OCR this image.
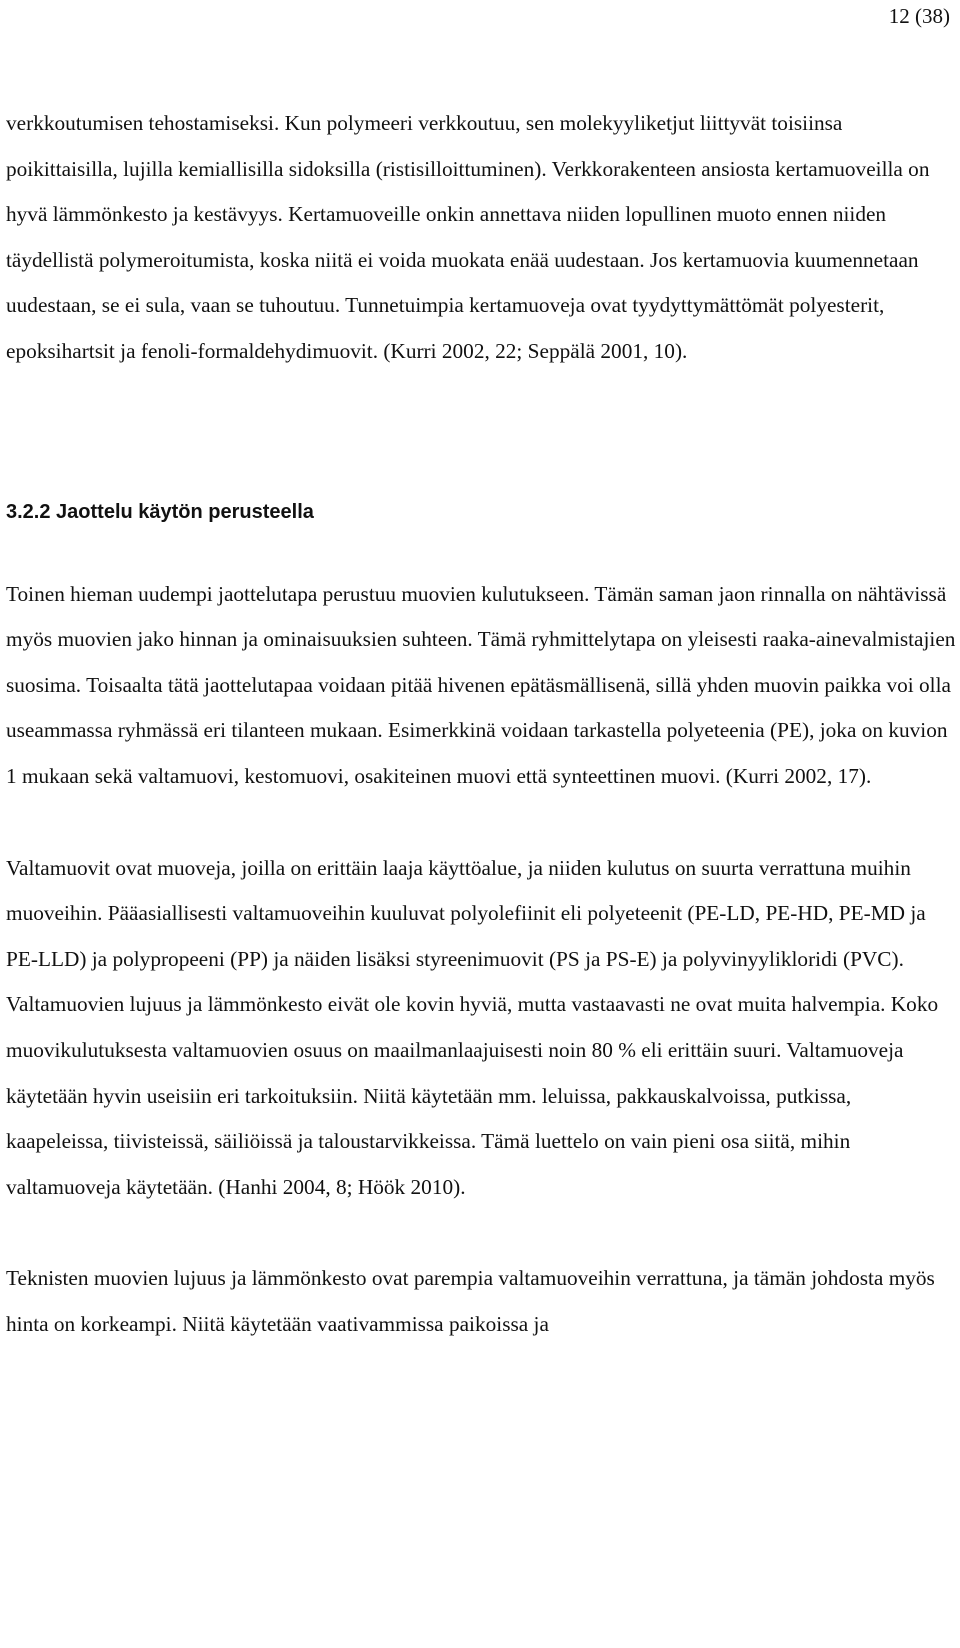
12 (38)

verkkoutumisen tehostamiseksi. Kun polymeeri verkkoutuu, sen molekyyliketjut liittyvät toisiinsa poikittaisilla, lujilla kemiallisilla sidoksilla (ristisilloittuminen). Verkkorakenteen ansiosta kertamuoveilla on hyvä lämmönkesto ja kestävyys. Kertamuoveille onkin annettava niiden lopullinen muoto ennen niiden täydellistä polymeroitumista, koska niitä ei voida muokata enää uudestaan. Jos kertamuovia kuumennetaan uudestaan, se ei sula, vaan se tuhoutuu. Tunnetuimpia kertamuoveja ovat tyydyttymättömät polyesterit, epoksihartsit ja fenoli-formaldehydimuovit. (Kurri 2002, 22; Seppälä 2001, 10).

3.2.2 Jaottelu käytön perusteella

Toinen hieman uudempi jaottelutapa perustuu muovien kulutukseen. Tämän saman jaon rinnalla on nähtävissä myös muovien jako hinnan ja ominaisuuksien suhteen. Tämä ryhmittelytapa on yleisesti raaka-ainevalmistajien suosima. Toisaalta tätä jaottelutapaa voidaan pitää hivenen epätäsmällisenä, sillä yhden muovin paikka voi olla useammassa ryhmässä eri tilanteen mukaan. Esimerkkinä voidaan tarkastella polyeteenia (PE), joka on kuvion 1 mukaan sekä valtamuovi, kestomuovi, osakiteinen muovi että synteettinen muovi. (Kurri 2002, 17).

Valtamuovit ovat muoveja, joilla on erittäin laaja käyttöalue, ja niiden kulutus on suurta verrattuna muihin muoveihin. Pääasiallisesti valtamuoveihin kuuluvat polyolefiinit eli polyeteenit (PE-LD, PE-HD, PE-MD ja PE-LLD) ja polypropeeni (PP) ja näiden lisäksi styreenimuovit (PS ja PS-E) ja polyvinyylikloridi (PVC). Valtamuovien lujuus ja lämmönkesto eivät ole kovin hyviä, mutta vastaavasti ne ovat muita halvempia. Koko muovikulutuksesta valtamuovien osuus on maailmanlaajuisesti noin 80 % eli erittäin suuri. Valtamuoveja käytetään hyvin useisiin eri tarkoituksiin. Niitä käytetään mm. leluissa, pakkauskalvoissa, putkissa, kaapeleissa, tiivisteissä, säiliöissä ja taloustarvikkeissa. Tämä luettelo on vain pieni osa siitä, mihin valtamuoveja käytetään. (Hanhi 2004, 8; Höök 2010).

Teknisten muovien lujuus ja lämmönkesto ovat parempia valtamuoveihin verrattuna, ja tämän johdosta myös hinta on korkeampi. Niitä käytetään vaativammissa paikoissa ja
